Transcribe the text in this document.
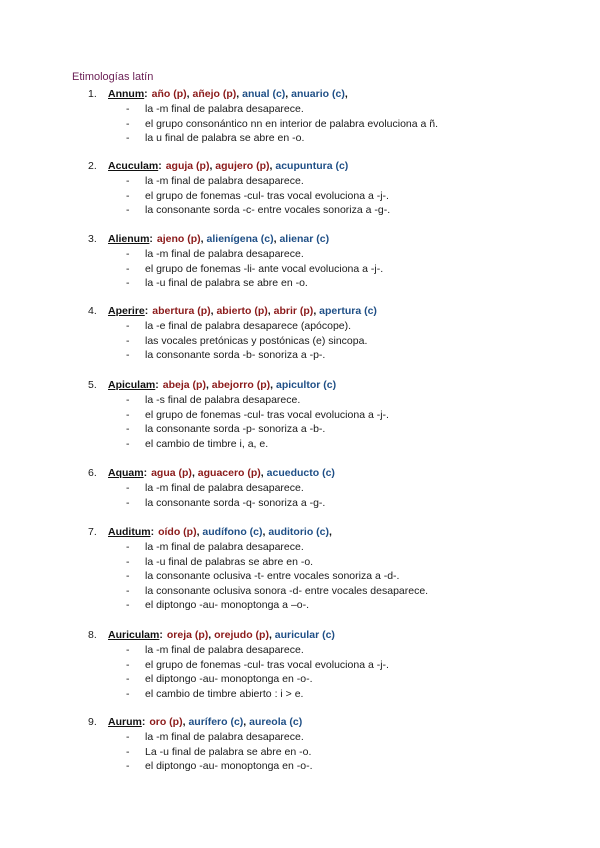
Etimologías latín
1. Annum: año (p), añejo (p), anual (c), anuario (c),
- la -m final de palabra desaparece.
- el grupo consonántico nn en interior de palabra evoluciona a ñ.
- la u final de palabra se abre en -o.
2. Acuculam: aguja (p), agujero (p), acupuntura (c)
- la -m final de palabra desaparece.
- el grupo de fonemas -cul- tras vocal evoluciona a -j-.
- la consonante sorda -c- entre vocales sonoriza a -g-.
3. Alienum: ajeno (p), alienígena (c), alienar (c)
- la -m final de palabra desaparece.
- el grupo de fonemas -li- ante vocal evoluciona a -j-.
- la -u final de palabra se abre en -o.
4. Aperire: abertura (p), abierto (p), abrir (p), apertura (c)
- la -e final de palabra desaparece (apócope).
- las vocales pretónicas y postónicas (e) sincopa.
- la consonante sorda -b- sonoriza a -p-.
5. Apiculam: abeja (p), abejorro (p), apicultor (c)
- la -s final de palabra desaparece.
- el grupo de fonemas -cul- tras vocal evoluciona a -j-.
- la consonante sorda -p- sonoriza a -b-.
- el cambio de timbre i, a, e.
6. Aquam: agua (p), aguacero (p), acueducto (c)
- la -m final de palabra desaparece.
- la consonante sorda -q- sonoriza a -g-.
7. Auditum: oído (p), audífono (c), auditorio (c),
- la -m final de palabra desaparece.
- la -u final de palabras se abre en -o.
- la consonante oclusiva -t- entre vocales sonoriza a -d-.
- la consonante oclusiva sonora -d- entre vocales desaparece.
- el diptongo -au- monoptonga a –o-.
8. Auriculam: oreja (p), orejudo (p), auricular (c)
- la -m final de palabra desaparece.
- el grupo de fonemas -cul- tras vocal evoluciona a -j-.
- el diptongo -au- monoptonga en -o-.
- el cambio de timbre abierto : i > e.
9. Aurum: oro (p), aurífero (c), aureola (c)
- la -m final de palabra desaparece.
- La -u final de palabra se abre en -o.
- el diptongo -au- monoptonga en -o-.
